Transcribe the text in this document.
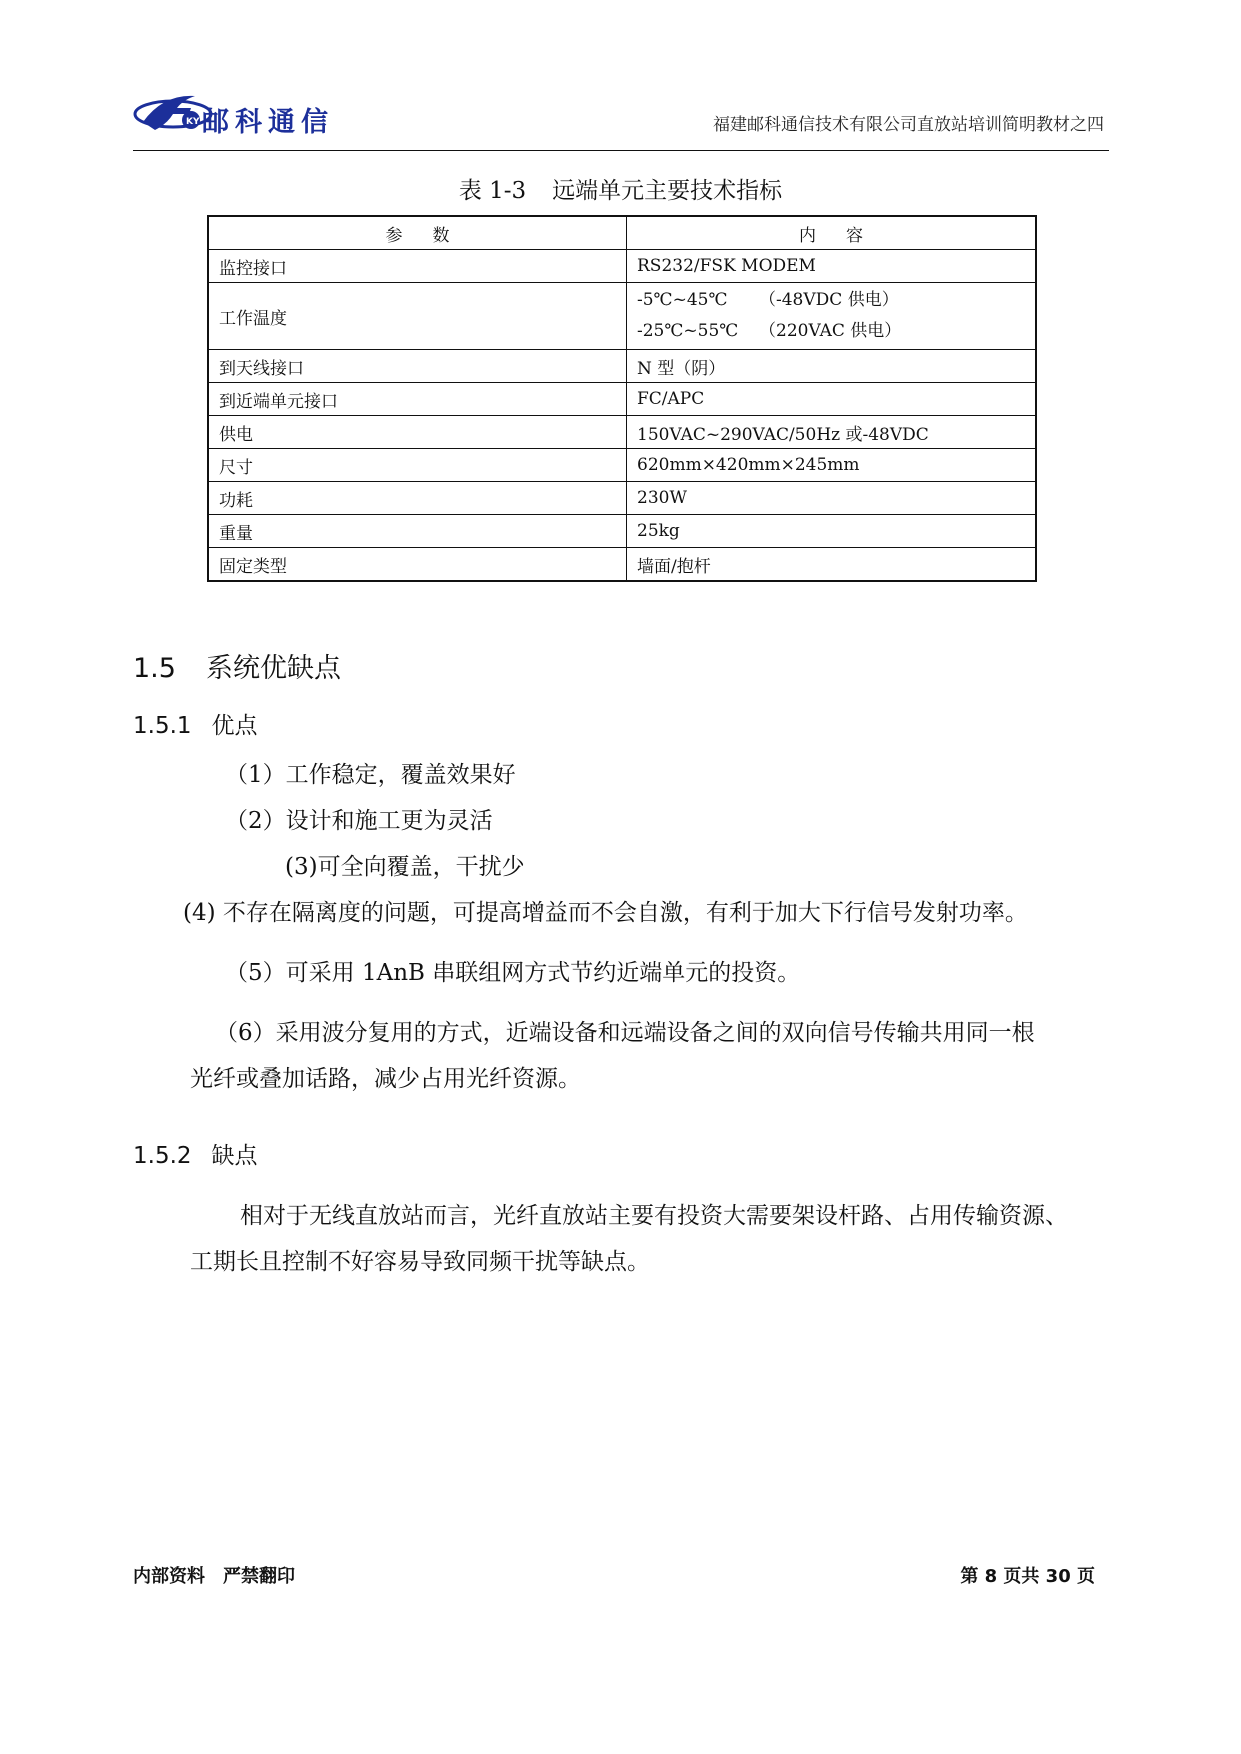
KY 邮科通信	福建邮科通信技术有限公司直放站培训简明教材之四
表 1-3 远端单元主要技术指标
参数	内容
监控接口	RS232/FSK MODEM
工作温度	-5℃~45℃ （-48VDC 供电）
-25℃~55℃ （220VAC 供电）

到天线接口	N 型（阴）
到近端单元接口	FC/APC
供电	150VAC~290VAC/50Hz 或-48VDC
尺寸	620mm×420mm×245mm
功耗	230W
重量	25kg
固定类型	墙面/抱杆
1.5 系统优缺点
1.5.1 优点
（1）工作稳定，覆盖效果好
（2）设计和施工更为灵活
(3)可全向覆盖，干扰少
(4) 不存在隔离度的问题，可提高增益而不会自激，有利于加大下行信号发射功率。
（5）可采用 1AnB 串联组网方式节约近端单元的投资。
（6）采用波分复用的方式，近端设备和远端设备之间的双向信号传输共用同一根
光纤或叠加话路，减少占用光纤资源。
1.5.2 缺点
相对于无线直放站而言，光纤直放站主要有投资大需要架设杆路、占用传输资源、
工期长且控制不好容易导致同频干扰等缺点。
内部资料 严禁翻印	第 8 页共 30 页
